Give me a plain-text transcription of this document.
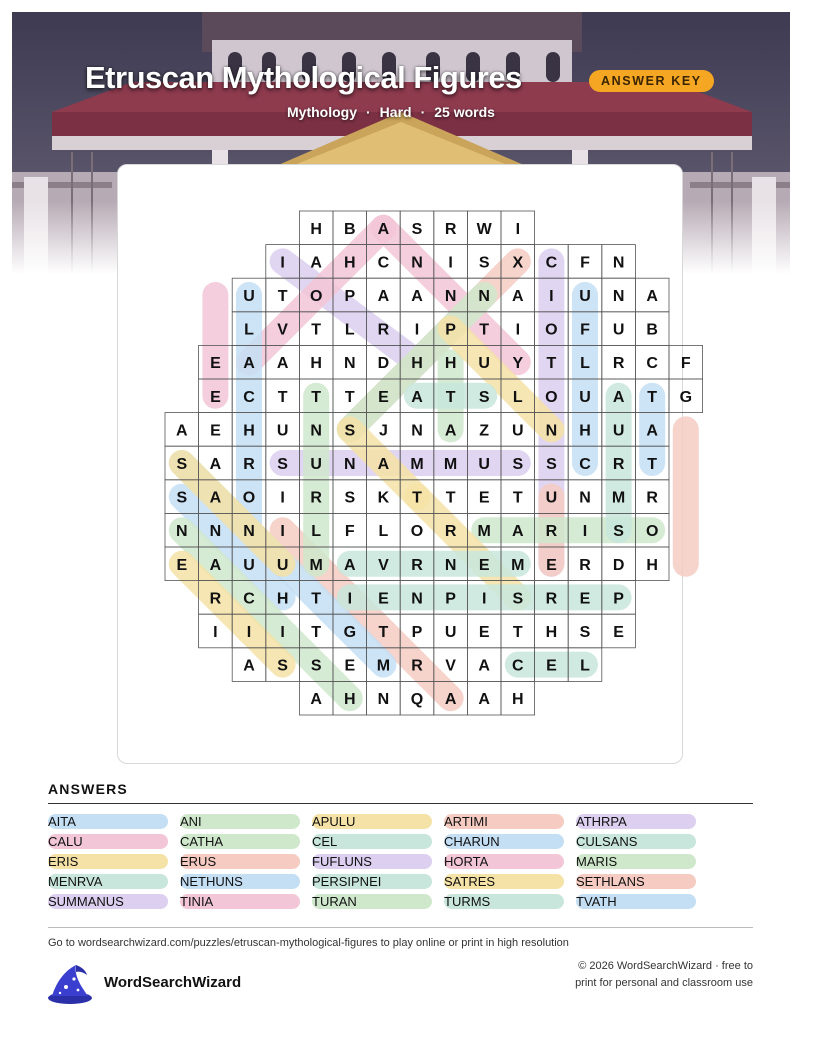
Etruscan Mythological Figures	ANSWER KEY
Mythology · Hard · 25 words
H B A S R W I
I A H C N I S X C F N
U T O P A A N N A I U N A
L V T L R I P T I O F U B
E A A H N D H H U Y T L R C F
E C T T T E A T S L O U A T G
A E H U N S J N A Z U N H U A
S A R S U N A M M U S S C R T
S A O I R S K T T E T U N M R
N N N I L F L O R M A R I S O
E A U U M A V R N E M E R D H
R C H T I E N P I S R E P
I I I T G T P U E T H S E
A S S E M R V A C E L
A H N Q A A H
ANSWERS
AITA	ANI	APULU	ARTIMI	ATHRPA
CALU	CATHA	CEL	CHARUN	CULSANS
ERIS	ERUS	FUFLUNS	HORTA	MARIS
MENRVA	NETHUNS	PERSIPNEI	SATRES	SETHLANS
SUMMANUS	TINIA	TURAN	TURMS	TVATH
Go to wordsearchwizard.com/puzzles/etruscan-mythological-figures to play online or print in high resolution
WordSearchWizard
© 2026 WordSearchWizard · free to print for personal and classroom use
